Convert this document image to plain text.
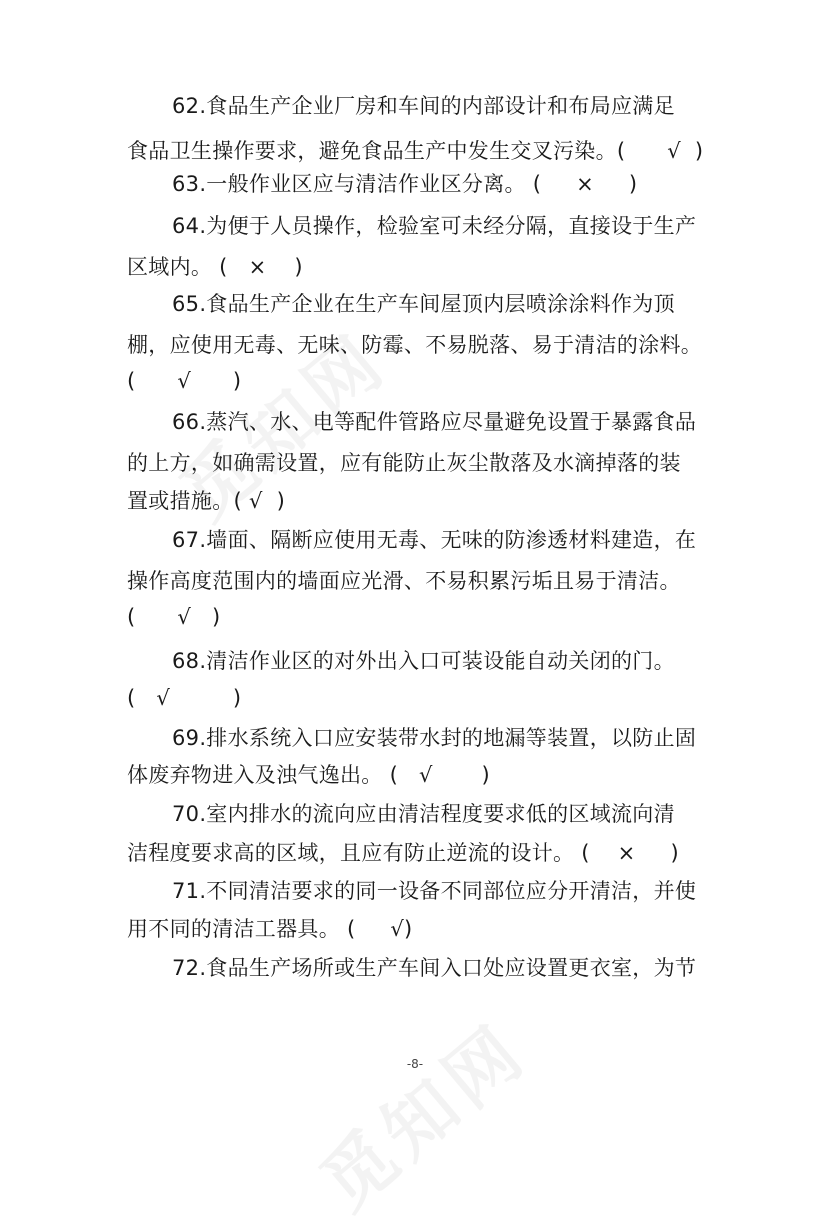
62.食品生产企业厂房和车间的内部设计和布局应满足
食品卫生操作要求，避免食品生产中发生交叉污染。(      √  )
63.一般作业区应与清洁作业区分离。 (     ×     )
64.为便于人员操作，检验室可未经分隔，直接设于生产
区域内。 (   ×    )
65.食品生产企业在生产车间屋顶内层喷涂涂料作为顶
棚，应使用无毒、无味、防霉、不易脱落、易于清洁的涂料。
(      √      )
66.蒸汽、水、电等配件管路应尽量避免设置于暴露食品
的上方，如确需设置，应有能防止灰尘散落及水滴掉落的装
置或措施。( √  )
67.墙面、隔断应使用无毒、无味的防渗透材料建造，在
操作高度范围内的墙面应光滑、不易积累污垢且易于清洁。
(      √   )
68.清洁作业区的对外出入口可装设能自动关闭的门。
(   √         )
69.排水系统入口应安装带水封的地漏等装置，以防止固
体废弃物进入及浊气逸出。 (   √       )
70.室内排水的流向应由清洁程度要求低的区域流向清
洁程度要求高的区域，且应有防止逆流的设计。 (    ×     )
71.不同清洁要求的同一设备不同部位应分开清洁，并使
用不同的清洁工器具。 (     √)
72.食品生产场所或生产车间入口处应设置更衣室，为节
-8-
